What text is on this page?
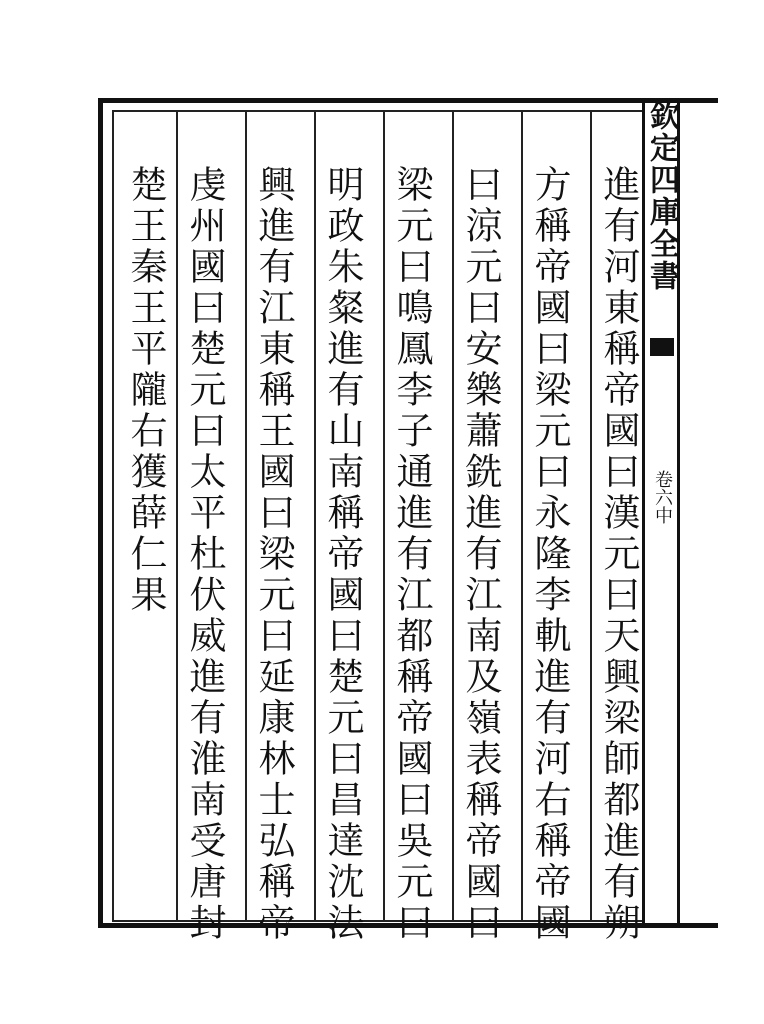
欽定四庫全書
卷六中
進有河東稱帝國曰漢元曰天興梁師都進有朔
方稱帝國曰梁元曰永隆李軌進有河右稱帝國
曰涼元曰安樂蕭銑進有江南及嶺表稱帝國曰
梁元曰鳴鳳李子通進有江都稱帝國曰吳元曰
明政朱粲進有山南稱帝國曰楚元曰昌達沈法
興進有江東稱王國曰梁元曰延康林士弘稱帝
虔州國曰楚元曰太平杜伏威進有淮南受唐封
楚王秦王平隴右獲薛仁果
